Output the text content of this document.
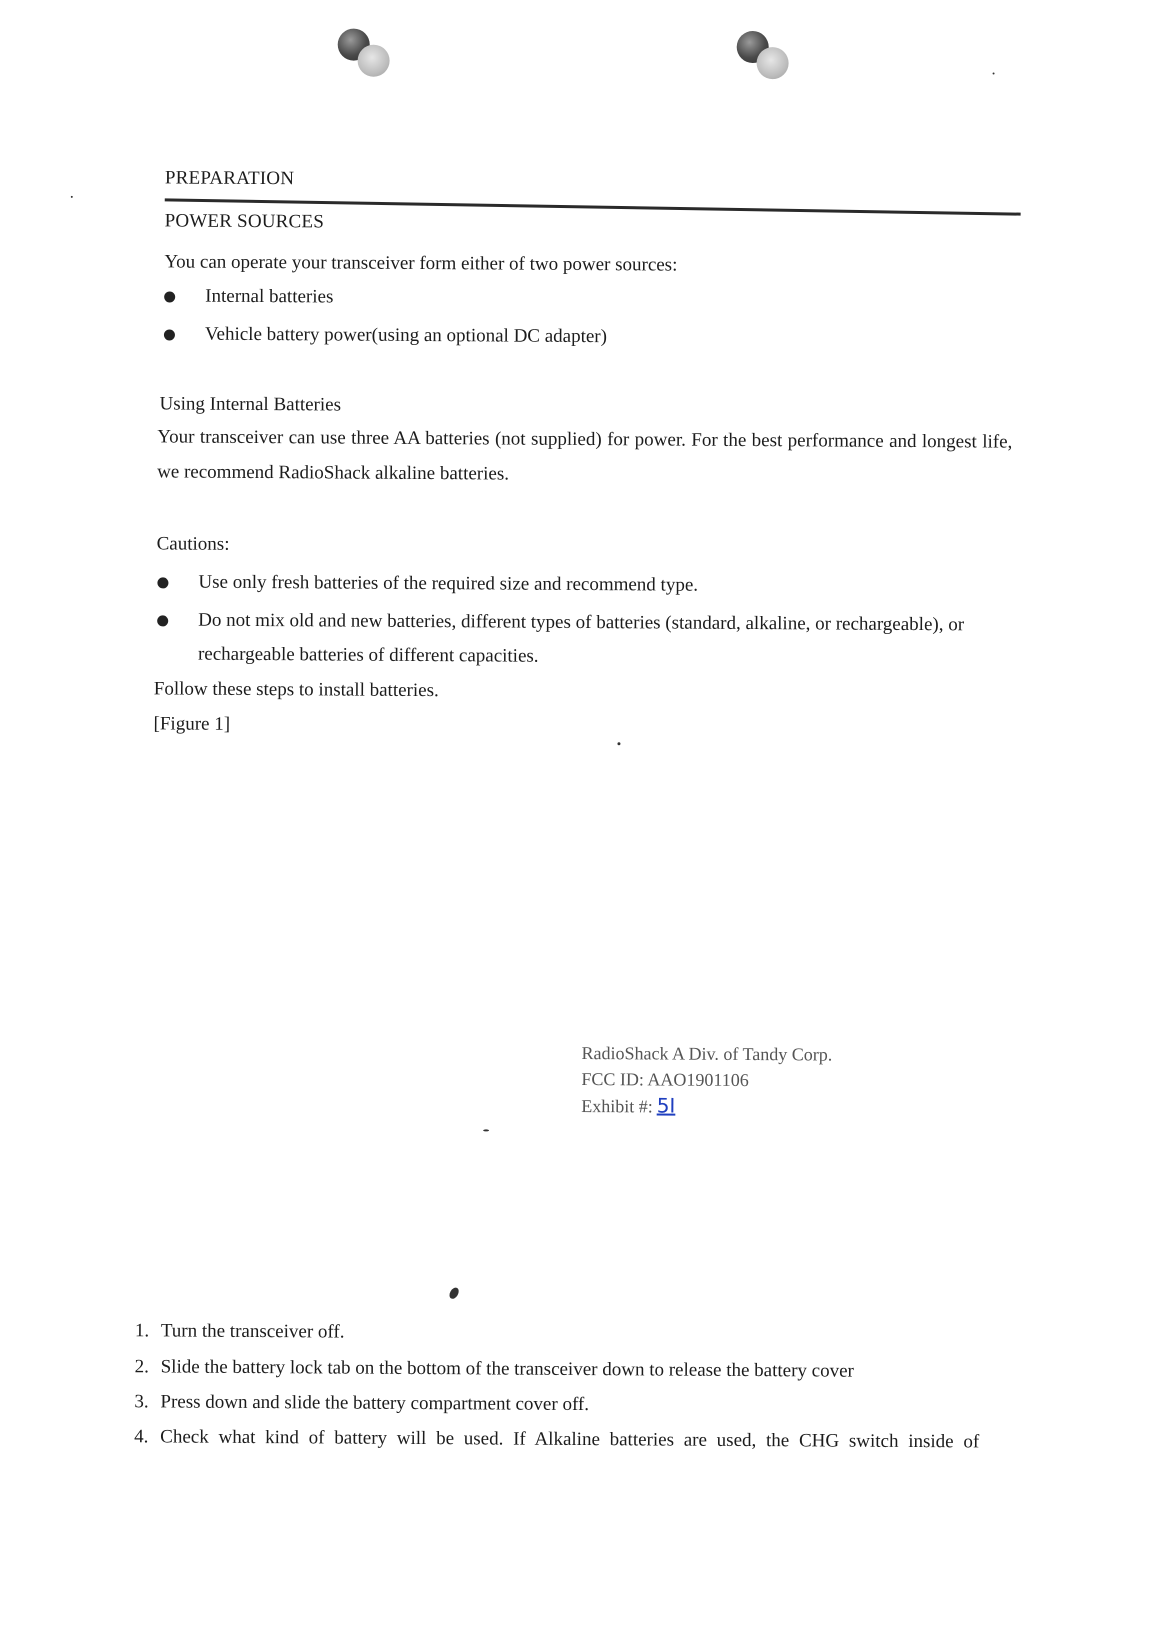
PREPARATION
POWER SOURCES
You can operate your transceiver form either of two power sources:
Internal batteries
Vehicle battery power(using an optional DC adapter)
Using Internal Batteries
Your transceiver can use three AA batteries (not supplied) for power. For the best performance and longest life, we recommend RadioShack alkaline batteries.
Cautions:
Use only fresh batteries of the required size and recommend type.
Do not mix old and new batteries, different types of batteries (standard, alkaline, or rechargeable), or
rechargeable batteries of different capacities.
Follow these steps to install batteries.
[Figure 1]
RadioShack A Div. of Tandy Corp.
FCC ID: AAO1901106
Exhibit #: 5I
1. Turn the transceiver off.
2. Slide the battery lock tab on the bottom of the transceiver down to release the battery cover
3. Press down and slide the battery compartment cover off.
4. Check what kind of battery will be used. If Alkaline batteries are used, the CHG switch inside of
